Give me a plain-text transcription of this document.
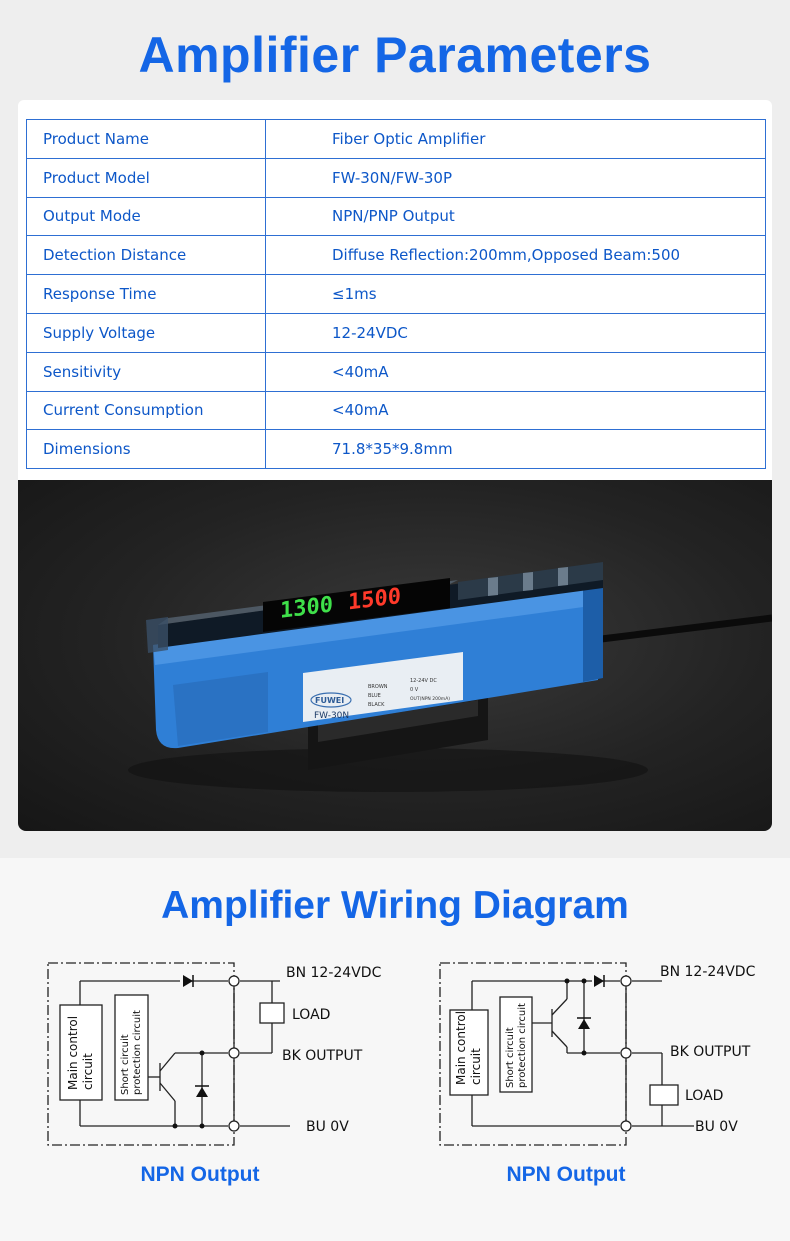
Amplifier Parameters
Product Name	Fiber Optic Amplifier
Product Model	FW-30N/FW-30P
Output Mode	NPN/PNP Output
Detection Distance	Diffuse Reflection:200mm,Opposed Beam:500
Response Time	≤1ms
Supply Voltage	12-24VDC
Sensitivity	<40mA
Current Consumption	<40mA
Dimensions	71.8*35*9.8mm
1300 1500
FUWEI
FW-30N
BROWN
BLUE
BLACK
12-24V DC
0 V
OUT(NPN 200mA)
Amplifier Wiring Diagram
Main controlcircuit	Short circuitprotection circuit
BN 12-24VDC
LOAD
BK OUTPUT
BU 0V
Main controlcircuit Short circuitprotection circuit
BN 12-24VDC
BK OUTPUT
LOAD
BU 0V
NPN Output	NPN Output
